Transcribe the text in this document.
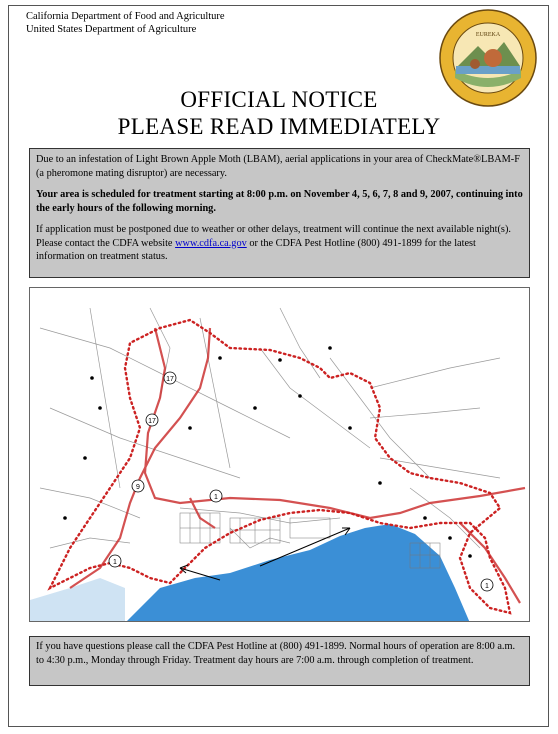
California Department of Food and Agriculture
United States Department of Agriculture	EUREKA
OFFICIAL NOTICE
PLEASE READ IMMEDIATELY

Due to an infestation of Light Brown Apple Moth (LBAM), aerial applications in your area of CheckMate®LBAM-F (a pheromone mating disruptor) are necessary.

Your area is scheduled for treatment starting at 8:00 p.m. on November 4, 5, 6, 7, 8 and 9, 2007, continuing into the early hours of the following morning.

If application must be postponed due to weather or other delays, treatment will continue the next available night(s). Please contact the CDFA website www.cdfa.ca.gov or the CDFA Pest Hotline (800) 491-1899 for the latest information on treatment status.

17
17
9
1
1
1
If you have questions please call the CDFA Pest Hotline at (800) 491-1899. Normal hours of operation are 8:00 a.m. to 4:30 p.m., Monday through Friday. Treatment day hours are 7:00 a.m. through completion of treatment.
